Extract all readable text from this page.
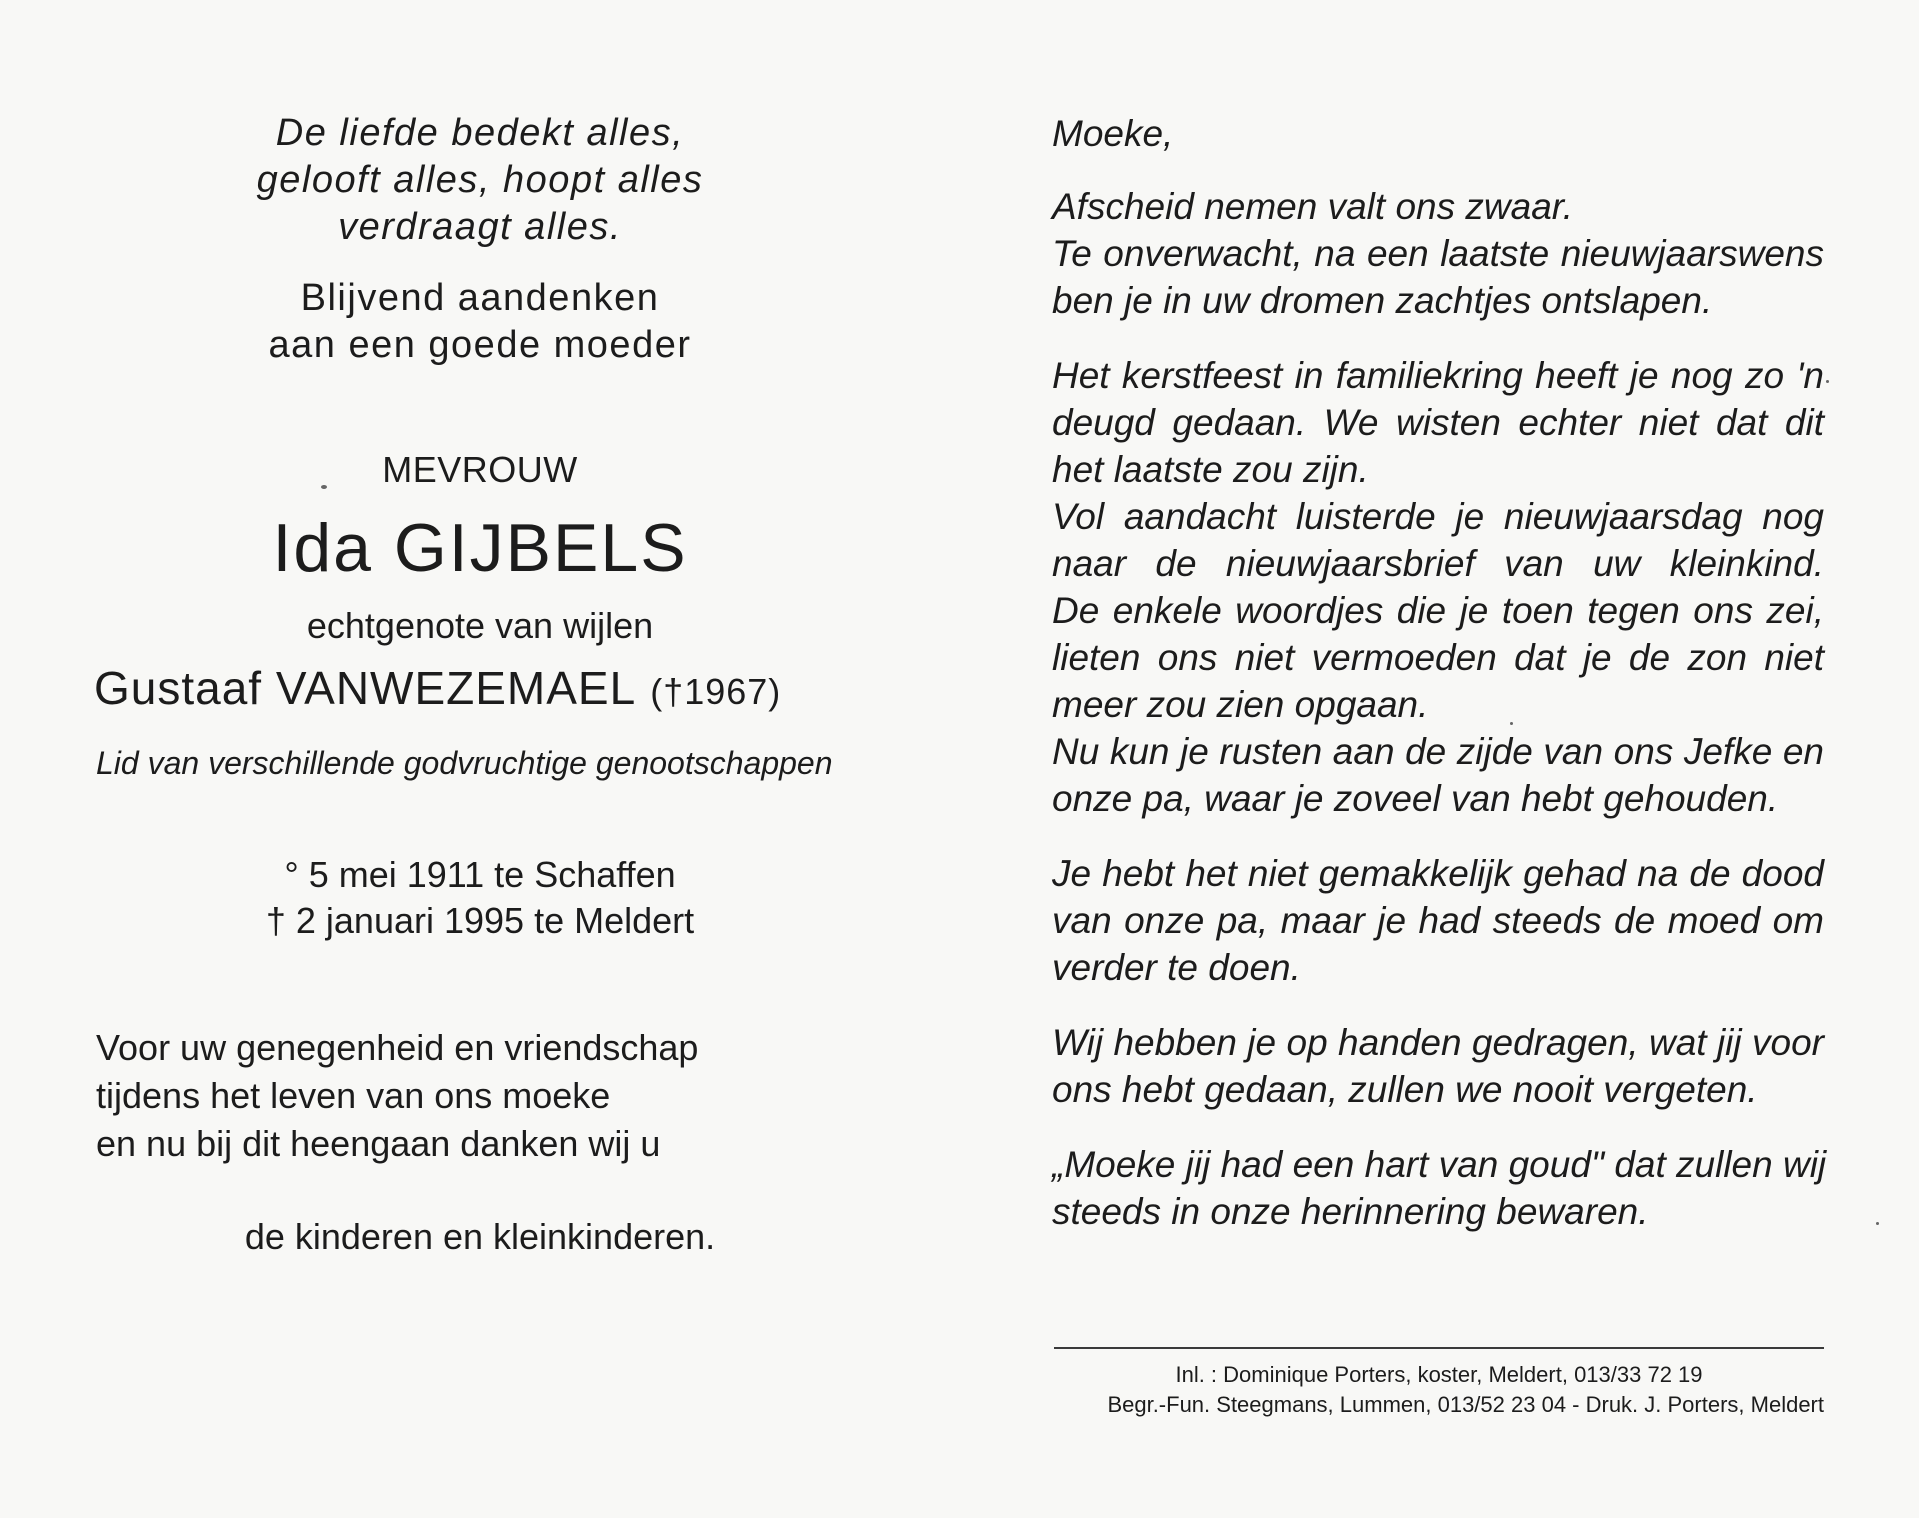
De liefde bedekt alles,
gelooft alles, hoopt alles
verdraagt alles.
Blijvend aandenken
aan een goede moeder
MEVROUW
Ida GIJBELS
echtgenote van wijlen
Gustaaf VANWEZEMAEL (†1967)
Lid van verschillende godvruchtige genootschappen
° 5 mei 1911 te Schaffen
† 2 januari 1995 te Meldert
Voor uw genegenheid en vriendschap
tijdens het leven van ons moeke
en nu bij dit heengaan danken wij u
de kinderen en kleinkinderen.
Moeke,
Afscheid nemen valt ons zwaar.
Te onverwacht, na een laatste nieuwjaarswens
ben je in uw dromen zachtjes ontslapen.
Het kerstfeest in familiekring heeft je nog zo 'n
deugd gedaan. We wisten echter niet dat dit
het laatste zou zijn.
Vol aandacht luisterde je nieuwjaarsdag nog
naar de nieuwjaarsbrief van uw kleinkind.
De enkele woordjes die je toen tegen ons zei,
lieten ons niet vermoeden dat je de zon niet
meer zou zien opgaan.
Nu kun je rusten aan de zijde van ons Jefke en
onze pa, waar je zoveel van hebt gehouden.
Je hebt het niet gemakkelijk gehad na de dood
van onze pa, maar je had steeds de moed om
verder te doen.
Wij hebben je op handen gedragen, wat jij voor
ons hebt gedaan, zullen we nooit vergeten.
„Moeke jij had een hart van goud" dat zullen wij
steeds in onze herinnering bewaren.
Inl. : Dominique Porters, koster, Meldert, 013/33 72 19
Begr.-Fun. Steegmans, Lummen, 013/52 23 04 - Druk. J. Porters, Meldert
